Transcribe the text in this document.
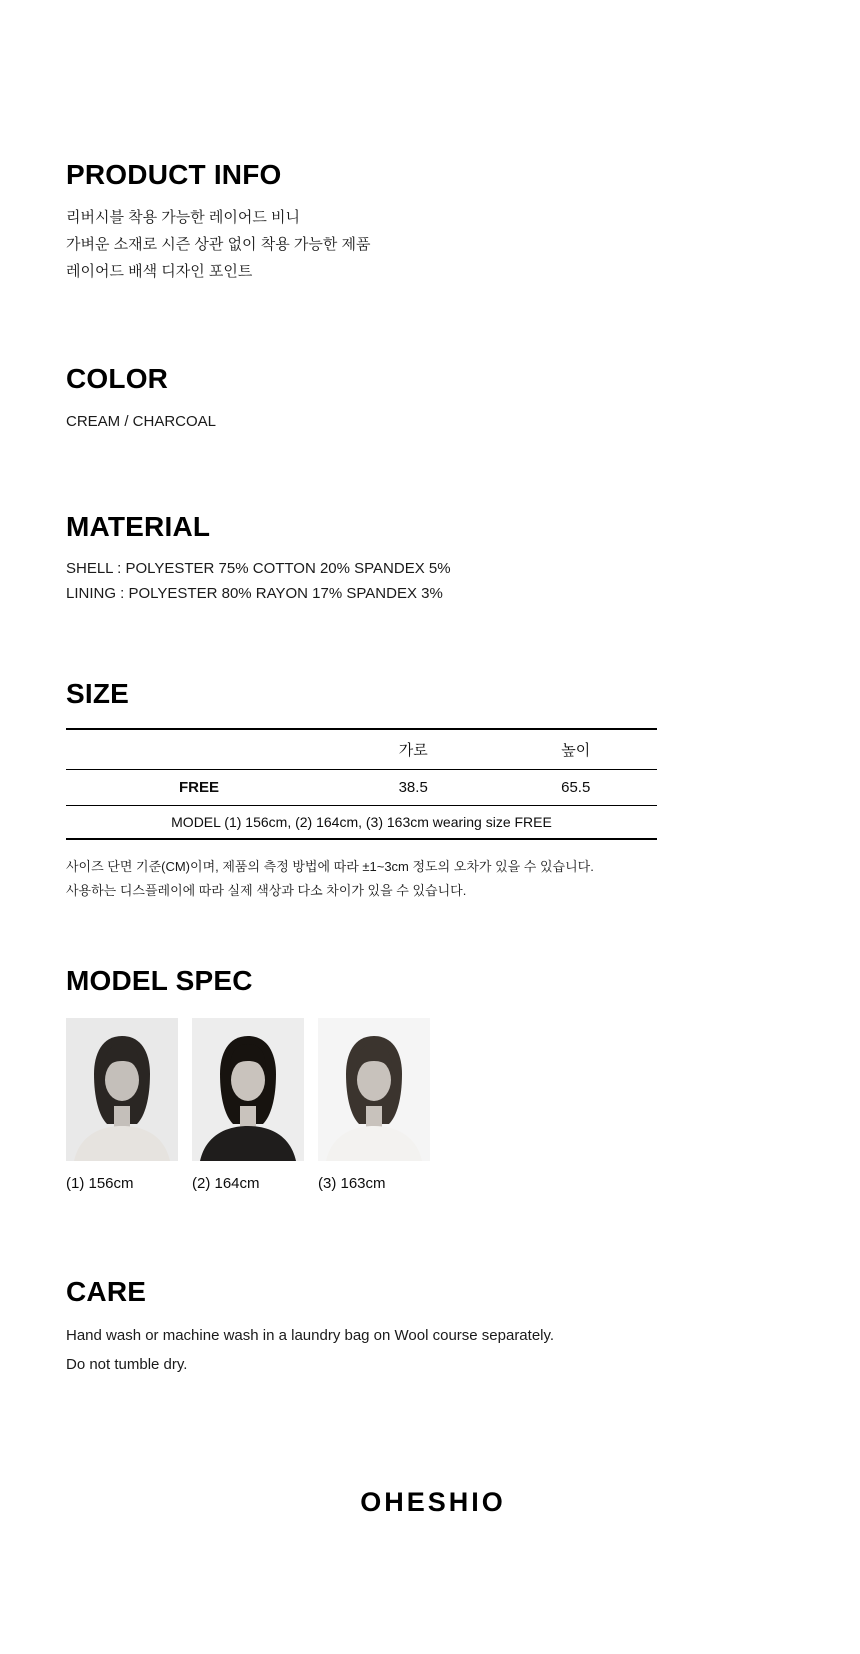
PRODUCT INFO

리버시블 착용 가능한 레이어드 비니

가벼운 소재로 시즌 상관 없이 착용 가능한 제품

레이어드 배색 디자인 포인트

COLOR

CREAM / CHARCOAL

MATERIAL

SHELL : POLYESTER 75% COTTON 20% SPANDEX 5%

LINING : POLYESTER 80% RAYON 17% SPANDEX 3%

SIZE
	가로	높이
FREE	38.5	65.5
MODEL (1) 156cm, (2) 164cm, (3) 163cm wearing size FREE		

사이즈 단면 기준(CM)이며, 제품의 측정 방법에 따라 ±1~3cm 정도의 오차가 있을 수 있습니다.

사용하는 디스플레이에 따라 실제 색상과 다소 차이가 있을 수 있습니다.

MODEL SPEC

(1) 156cm	(2) 164cm	(3) 163cm

CARE

Hand wash or machine wash in a laundry bag on Wool course separately.

Do not tumble dry.

OHESHIO
